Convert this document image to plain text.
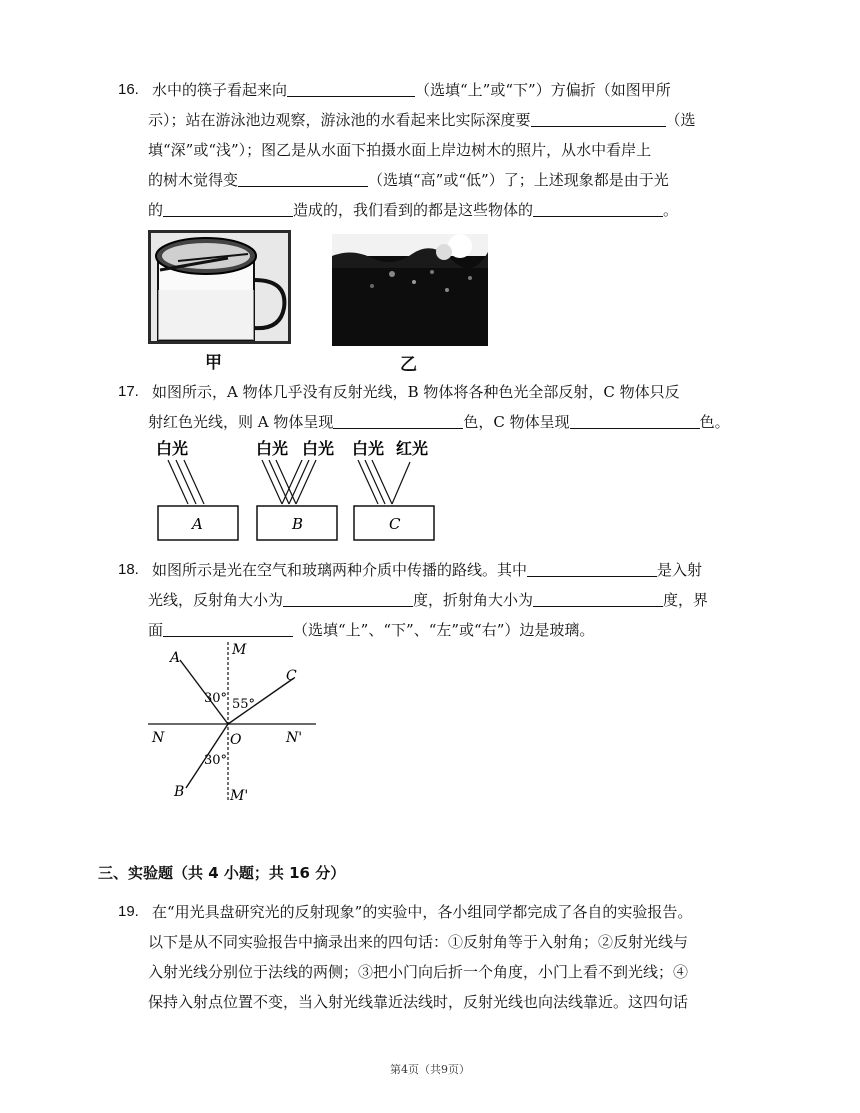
16. 水中的筷子看起来向	（选填“上”或“下”）方偏折（如图甲所
示）；站在游泳池边观察，游泳池的水看起来比实际深度要	（选
填“深”或“浅”）；图乙是从水面下拍摄水面上岸边树木的照片，从水中看岸上
的树木觉得变	（选填“高”或“低”）了；上述现象都是由于光
的	造成的，我们看到的都是这些物体的	。
甲	乙
17. 如图所示，A 物体几乎没有反射光线，B 物体将各种色光全部反射，C 物体只反
射红色光线，则 A 物体呈现	色，C 物体呈现	色。
白光	白光 白光 白光 红光
A	B	C
18. 如图所示是光在空气和玻璃两种介质中传播的路线。其中	是入射
光线，反射角大小为	度，折射角大小为	度，界
面	（选填“上”、“下”、“左”或“右”）边是玻璃。
A	M
C
N	O	N'
B	M'
30° 55°
30°
三、实验题（共 4 小题；共 16 分）
19. 在“用光具盘研究光的反射现象”的实验中，各小组同学都完成了各自的实验报告。
以下是从不同实验报告中摘录出来的四句话：①反射角等于入射角；②反射光线与
入射光线分别位于法线的两侧；③把小门向后折一个角度，小门上看不到光线；④
保持入射点位置不变，当入射光线靠近法线时，反射光线也向法线靠近。这四句话
第4页（共9页）
